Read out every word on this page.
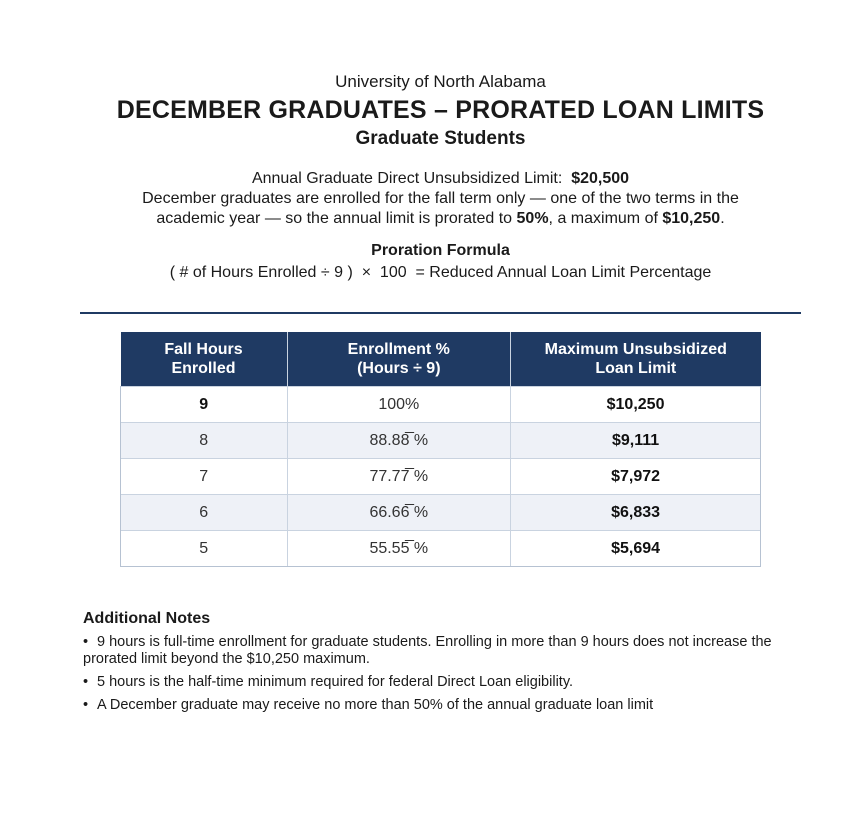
University of North Alabama
DECEMBER GRADUATES – PRORATED LOAN LIMITS
Graduate Students
Annual Graduate Direct Unsubsidized Limit: $20,500
December graduates are enrolled for the fall term only — one of the two terms in the
academic year — so the annual limit is prorated to 50%, a maximum of $10,250.
Proration Formula
( # of Hours Enrolled ÷ 9 )  ×  100  = Reduced Annual Loan Limit Percentage
Fall Hours Enrolled	Enrollment % (Hours ÷ 9)	Maximum Unsubsidized Loan Limit
9	100%	$10,250
8	88.88̅ %	$9,111
7	77.77̅ %	$7,972
6	66.66̅ %	$6,833
5	55.55̅ %	$5,694
Additional Notes
• 9 hours is full-time enrollment for graduate students. Enrolling in more than 9 hours does not increase the prorated limit beyond the $10,250 maximum.
• 5 hours is the half-time minimum required for federal Direct Loan eligibility.
• A December graduate may receive no more than 50% of the annual graduate loan limit
